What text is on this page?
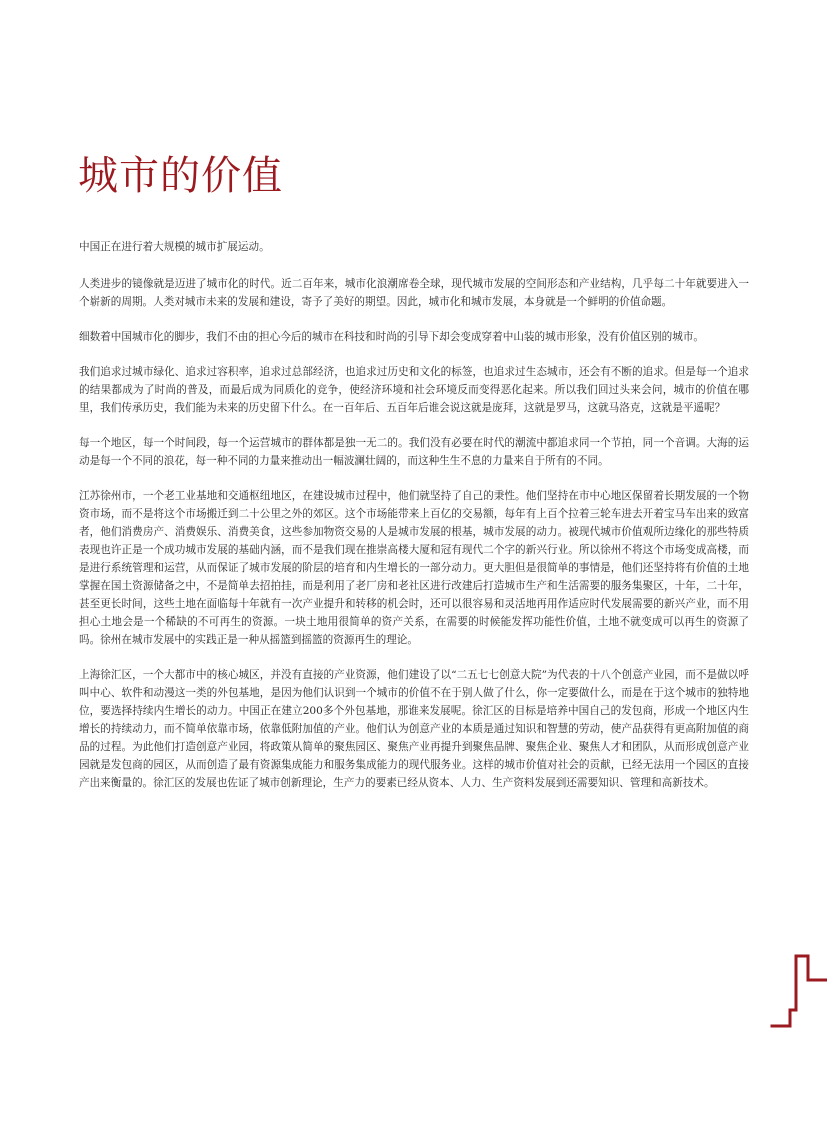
城市的价值

中国正在进行着大规模的城市扩展运动。

人类进步的镜像就是迈进了城市化的时代。近二百年来，城市化浪潮席卷全球，现代城市发展的空间形态和产业结构，几乎每二十年就要进入一个崭新的周期。人类对城市未来的发展和建设，寄予了美好的期望。因此，城市化和城市发展，本身就是一个鲜明的价值命题。

细数着中国城市化的脚步，我们不由的担心今后的城市在科技和时尚的引导下却会变成穿着中山装的城市形象，没有价值区别的城市。

我们追求过城市绿化、追求过容积率，追求过总部经济，也追求过历史和文化的标签，也追求过生态城市，还会有不断的追求。但是每一个追求的结果都成为了时尚的普及，而最后成为同质化的竞争，使经济环境和社会环境反而变得恶化起来。所以我们回过头来会问，城市的价值在哪里，我们传承历史，我们能为未来的历史留下什么。在一百年后、五百年后谁会说这就是庞拜，这就是罗马，这就马洛克，这就是平遥呢？

每一个地区，每一个时间段，每一个运营城市的群体都是独一无二的。我们没有必要在时代的潮流中都追求同一个节拍，同一个音调。大海的运动是每一个不同的浪花，每一种不同的力量来推动出一幅波澜壮阔的，而这种生生不息的力量来自于所有的不同。

江苏徐州市，一个老工业基地和交通枢纽地区，在建设城市过程中，他们就坚持了自己的秉性。他们坚持在市中心地区保留着长期发展的一个物资市场，而不是将这个市场搬迁到二十公里之外的郊区。这个市场能带来上百亿的交易额，每年有上百个拉着三轮车进去开着宝马车出来的致富者，他们消费房产、消费娱乐、消费美食，这些参加物资交易的人是城市发展的根基，城市发展的动力。被现代城市价值观所边缘化的那些特质表现也许正是一个成功城市发展的基础内涵，而不是我们现在推崇高楼大厦和冠有现代二个字的新兴行业。所以徐州不将这个市场变成高楼，而是进行系统管理和运营，从而保证了城市发展的阶层的培育和内生增长的一部分动力。更大胆但是很简单的事情是，他们还坚持将有价值的土地掌握在国土资源储备之中，不是简单去招拍挂，而是利用了老厂房和老社区进行改建后打造城市生产和生活需要的服务集聚区，十年，二十年，甚至更长时间，这些土地在面临每十年就有一次产业提升和转移的机会时，还可以很容易和灵活地再用作适应时代发展需要的新兴产业，而不用担心土地会是一个稀缺的不可再生的资源。一块土地用很简单的资产关系，在需要的时候能发挥功能性价值，土地不就变成可以再生的资源了吗。徐州在城市发展中的实践正是一种从摇篮到摇篮的资源再生的理论。

上海徐汇区，一个大都市中的核心城区，并没有直接的产业资源，他们建设了以“二五七七创意大院”为代表的十八个创意产业园，而不是做以呼叫中心、软件和动漫这一类的外包基地，是因为他们认识到一个城市的价值不在于别人做了什么，你一定要做什么，而是在于这个城市的独特地位，要选择持续内生增长的动力。中国正在建立200多个外包基地，那谁来发展呢。徐汇区的目标是培养中国自己的发包商，形成一个地区内生增长的持续动力，而不简单依靠市场，依靠低附加值的产业。他们认为创意产业的本质是通过知识和智慧的劳动，使产品获得有更高附加值的商品的过程。为此他们打造创意产业园，将政策从简单的聚焦园区、聚焦产业再提升到聚焦品牌、聚焦企业、聚焦人才和团队，从而形成创意产业园就是发包商的园区，从而创造了最有资源集成能力和服务集成能力的现代服务业。这样的城市价值对社会的贡献，已经无法用一个园区的直接产出来衡量的。徐汇区的发展也佐证了城市创新理论，生产力的要素已经从资本、人力、生产资料发展到还需要知识、管理和高新技术。
